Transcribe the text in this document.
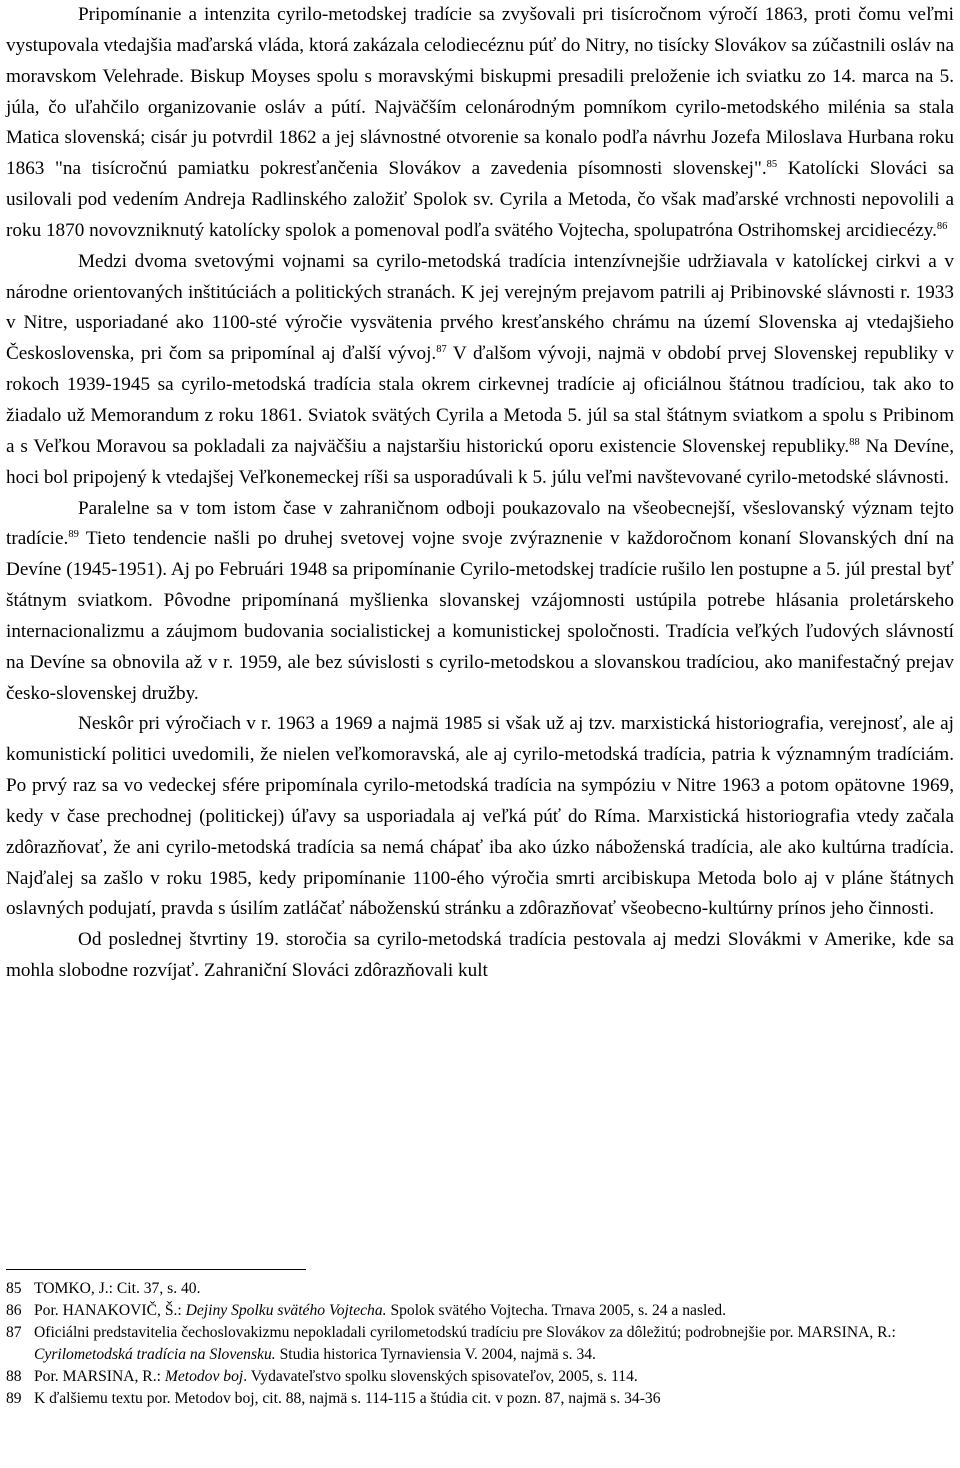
Pripomínanie a intenzita cyrilo-metodskej tradície sa zvyšovali pri tisícročnom výročí 1863, proti čomu veľmi vystupovala vtedajšia maďarská vláda, ktorá zakázala celodiecéznu púť do Nitry, no tisícky Slovákov sa zúčastnili osláv na moravskom Velehrade. Biskup Moyses spolu s moravskými biskupmi presadili preloženie ich sviatku zo 14. marca na 5. júla, čo uľahčilo organizovanie osláv a pútí. Najväčším celonárodným pomníkom cyrilo-metodského milénia sa stala Matica slovenská; cisár ju potvrdil 1862 a jej slávnostné otvorenie sa konalo podľa návrhu Jozefa Miloslava Hurbana roku 1863 "na tisícročnú pamiatku pokresťančenia Slovákov a zavedenia písomnosti slovenskej".$^{85}$ Katolícki Slováci sa usilovali pod vedením Andreja Radlinského založiť Spolok sv. Cyrila a Metoda, čo však maďarské vrchnosti nepovolili a roku 1870 novovzniknutý katolícky spolok a pomenoval podľa svätého Vojtecha, spolupatróna Ostrihomskej arcidiecézy.$^{86}$

Medzi dvoma svetovými vojnami sa cyrilo-metodská tradícia intenzívnejšie udržiavala v katolíckej cirkvi a v národne orientovaných inštitúciách a politických stranách. K jej verejným prejavom patrili aj Pribinovské slávnosti r. 1933 v Nitre, usporiadané ako 1100-sté výročie vysvätenia prvého kresťanského chrámu na území Slovenska aj vtedajšieho Československa, pri čom sa pripomínal aj ďalší vývoj.$^{87}$ V ďalšom vývoji, najmä v období prvej Slovenskej republiky v rokoch 1939-1945 sa cyrilo-metodská tradícia stala okrem cirkevnej tradície aj oficiálnou štátnou tradíciou, tak ako to žiadalo už Memorandum z roku 1861. Sviatok svätých Cyrila a Metoda 5. júl sa stal štátnym sviatkom a spolu s Pribinom a s Veľkou Moravou sa pokladali za najväčšiu a najstaršiu historickú oporu existencie Slovenskej republiky.$^{88}$ Na Devíne, hoci bol pripojený k vtedajšej Veľkonemeckej ríši sa usporadúvali k 5. júlu veľmi navštevované cyrilo-metodské slávnosti.

Paralelne sa v tom istom čase v zahraničnom odboji poukazovalo na všeobecnejší, všeslovanský význam tejto tradície.$^{89}$ Tieto tendencie našli po druhej svetovej vojne svoje zvýraznenie v každoročnom konaní Slovanských dní na Devíne (1945-1951). Aj po Februári 1948 sa pripomínanie Cyrilo-metodskej tradície rušilo len postupne a 5. júl prestal byť štátnym sviatkom. Pôvodne pripomínaná myšlienka slovanskej vzájomnosti ustúpila potrebe hlásania proletárskeho internacionalizmu a záujmom budovania socialistickej a komunistickej spoločnosti. Tradícia veľkých ľudových slávností na Devíne sa obnovila až v r. 1959, ale bez súvislosti s cyrilo-metodskou a slovanskou tradíciou, ako manifestačný prejav česko-slovenskej družby.

Neskôr pri výročiach v r. 1963 a 1969 a najmä 1985 si však už aj tzv. marxistická historiografia, verejnosť, ale aj komunistickí politici uvedomili, že nielen veľkomoravská, ale aj cyrilo-metodská tradícia, patria k významným tradíciám. Po prvý raz sa vo vedeckej sfére pripomínala cyrilo-metodská tradícia na sympóziu v Nitre 1963 a potom opätovne 1969, kedy v čase prechodnej (politickej) úľavy sa usporiadala aj veľká púť do Ríma. Marxistická historiografia vtedy začala zdôrazňovať, že ani cyrilo-metodská tradícia sa nemá chápať iba ako úzko náboženská tradícia, ale ako kultúrna tradícia. Najďalej sa zašlo v roku 1985, kedy pripomínanie 1100-ého výročia smrti arcibiskupa Metoda bolo aj v pláne štátnych oslavných podujatí, pravda s úsilím zatláčať náboženskú stránku a zdôrazňovať všeobecno-kultúrny prínos jeho činnosti.

Od poslednej štvrtiny 19. storočia sa cyrilo-metodská tradícia pestovala aj medzi Slovákmi v Amerike, kde sa mohla slobodne rozvíjať. Zahraniční Slováci zdôrazňovali kult

85 TOMKO, J.: Cit. 37, s. 40.
86 Por. HANAKOVIČ, Š.: Dejiny Spolku svätého Vojtecha. Spolok svätého Vojtecha. Trnava 2005, s. 24 a nasled.
87 Oficiálni predstavitelia čechoslovakizmu nepokladali cyrilometodskú tradíciu pre Slovákov za dôležitú; podrobnejšie por. MARSINA, R.: Cyrilometodská tradícia na Slovensku. Studia historica Tyrnaviensia V. 2004, najmä s. 34.
88 Por. MARSINA, R.: Metodov boj. Vydavateľstvo spolku slovenských spisovateľov, 2005, s. 114.
89 K ďalšiemu textu por. Metodov boj, cit. 88, najmä s. 114-115 a štúdia cit. v pozn. 87, najmä s. 34-36
